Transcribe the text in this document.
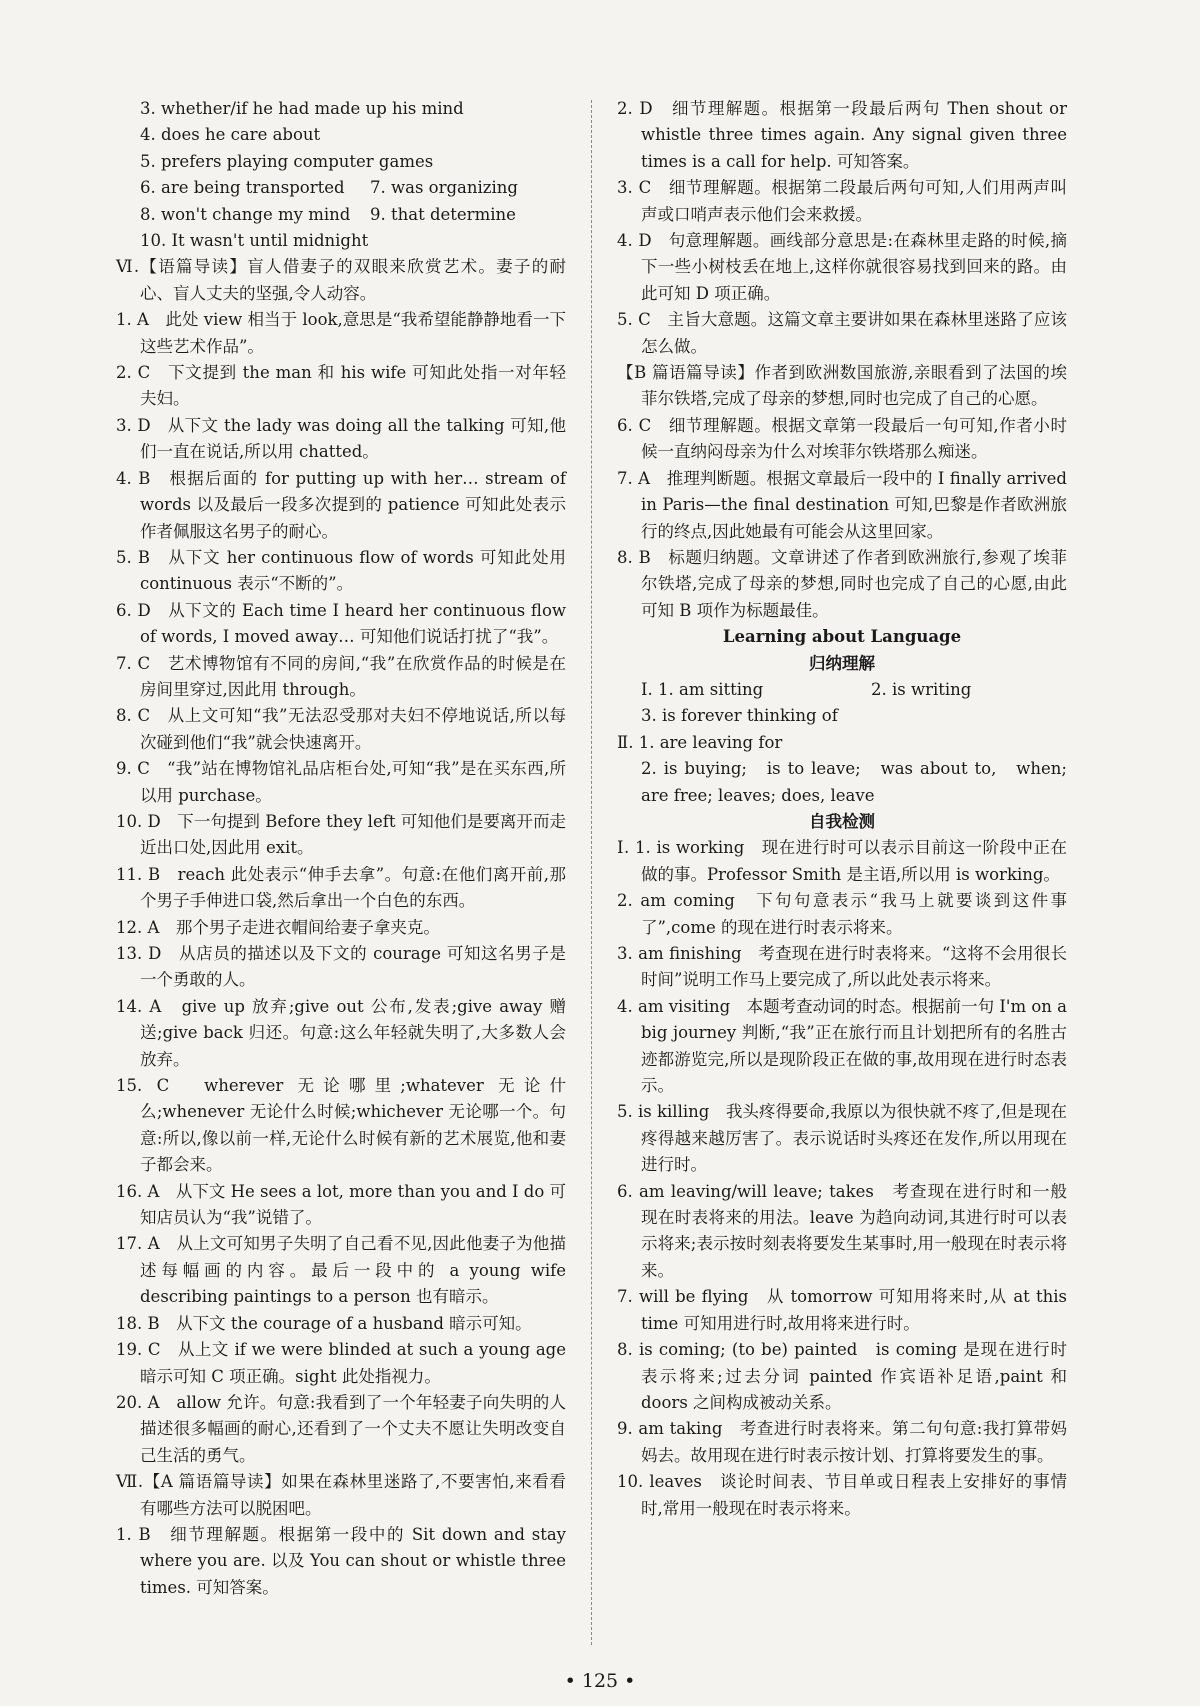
3. whether/if he had made up his mind

4. does he care about

5. prefers playing computer games

6. are being transported	7. was organizing
8. won't change my mind	9. that determine

10. It wasn't until midnight

Ⅵ.【语篇导读】盲人借妻子的双眼来欣赏艺术。妻子的耐心、盲人丈夫的坚强,令人动容。

1. A　此处 view 相当于 look,意思是“我希望能静静地看一下这些艺术作品”。

2. C　下文提到 the man 和 his wife 可知此处指一对年轻夫妇。

3. D　从下文 the lady was doing all the talking 可知,他们一直在说话,所以用 chatted。

4. B　根据后面的 for putting up with her… stream of words 以及最后一段多次提到的 patience 可知此处表示作者佩服这名男子的耐心。

5. B　从下文 her continuous flow of words 可知此处用 continuous 表示“不断的”。

6. D　从下文的 Each time I heard her continuous flow of words, I moved away… 可知他们说话打扰了“我”。

7. C　艺术博物馆有不同的房间,“我”在欣赏作品的时候是在房间里穿过,因此用 through。

8. C　从上文可知“我”无法忍受那对夫妇不停地说话,所以每次碰到他们“我”就会快速离开。

9. C　“我”站在博物馆礼品店柜台处,可知“我”是在买东西,所以用 purchase。

10. D　下一句提到 Before they left 可知他们是要离开而走近出口处,因此用 exit。

11. B　reach 此处表示“伸手去拿”。句意:在他们离开前,那个男子手伸进口袋,然后拿出一个白色的东西。

12. A　那个男子走进衣帽间给妻子拿夹克。

13. D　从店员的描述以及下文的 courage 可知这名男子是一个勇敢的人。

14. A　give up 放弃;give out 公布,发表;give away 赠送;give back 归还。句意:这么年轻就失明了,大多数人会放弃。

15. C　wherever 无论哪里;whatever 无论什么;whenever 无论什么时候;whichever 无论哪一个。句意:所以,像以前一样,无论什么时候有新的艺术展览,他和妻子都会来。

16. A　从下文 He sees a lot, more than you and I do 可知店员认为“我”说错了。

17. A　从上文可知男子失明了自己看不见,因此他妻子为他描述每幅画的内容。最后一段中的 a young wife describing paintings to a person 也有暗示。

18. B　从下文 the courage of a husband 暗示可知。

19. C　从上文 if we were blinded at such a young age 暗示可知 C 项正确。sight 此处指视力。

20. A　allow 允许。句意:我看到了一个年轻妻子向失明的人描述很多幅画的耐心,还看到了一个丈夫不愿让失明改变自己生活的勇气。

Ⅶ.【A 篇语篇导读】如果在森林里迷路了,不要害怕,来看看有哪些方法可以脱困吧。

1. B　细节理解题。根据第一段中的 Sit down and stay where you are. 以及 You can shout or whistle three times. 可知答案。

2. D　细节理解题。根据第一段最后两句 Then shout or whistle three times again. Any signal given three times is a call for help. 可知答案。

3. C　细节理解题。根据第二段最后两句可知,人们用两声叫声或口哨声表示他们会来救援。

4. D　句意理解题。画线部分意思是:在森林里走路的时候,摘下一些小树枝丢在地上,这样你就很容易找到回来的路。由此可知 D 项正确。

5. C　主旨大意题。这篇文章主要讲如果在森林里迷路了应该怎么做。

【B 篇语篇导读】作者到欧洲数国旅游,亲眼看到了法国的埃菲尔铁塔,完成了母亲的梦想,同时也完成了自己的心愿。

6. C　细节理解题。根据文章第一段最后一句可知,作者小时候一直纳闷母亲为什么对埃菲尔铁塔那么痴迷。

7. A　推理判断题。根据文章最后一段中的 I finally arrived in Paris—the final destination 可知,巴黎是作者欧洲旅行的终点,因此她最有可能会从这里回家。

8. B　标题归纳题。文章讲述了作者到欧洲旅行,参观了埃菲尔铁塔,完成了母亲的梦想,同时也完成了自己的心愿,由此可知 B 项作为标题最佳。

Learning about Language

归纳理解

Ⅰ. 1. am sitting	2. is writing

3. is forever thinking of

Ⅱ. 1. are leaving for

2. is buying;　is to leave;　was about to,　when; are free; leaves; does, leave

自我检测

Ⅰ. 1. is working　现在进行时可以表示目前这一阶段中正在做的事。Professor Smith 是主语,所以用 is working。

2. am coming　下句句意表示“我马上就要谈到这件事了”,come 的现在进行时表示将来。

3. am finishing　考查现在进行时表将来。“这将不会用很长时间”说明工作马上要完成了,所以此处表示将来。

4. am visiting　本题考查动词的时态。根据前一句 I'm on a big journey 判断,“我”正在旅行而且计划把所有的名胜古迹都游览完,所以是现阶段正在做的事,故用现在进行时态表示。

5. is killing　我头疼得要命,我原以为很快就不疼了,但是现在疼得越来越厉害了。表示说话时头疼还在发作,所以用现在进行时。

6. am leaving/will leave; takes　考查现在进行时和一般现在时表将来的用法。leave 为趋向动词,其进行时可以表示将来;表示按时刻表将要发生某事时,用一般现在时表示将来。

7. will be flying　从 tomorrow 可知用将来时,从 at this time 可知用进行时,故用将来进行时。

8. is coming; (to be) painted　is coming 是现在进行时表示将来;过去分词 painted 作宾语补足语,paint 和 doors 之间构成被动关系。

9. am taking　考查进行时表将来。第二句句意:我打算带妈妈去。故用现在进行时表示按计划、打算将要发生的事。

10. leaves　谈论时间表、节目单或日程表上安排好的事情时,常用一般现在时表示将来。

• 125 •
